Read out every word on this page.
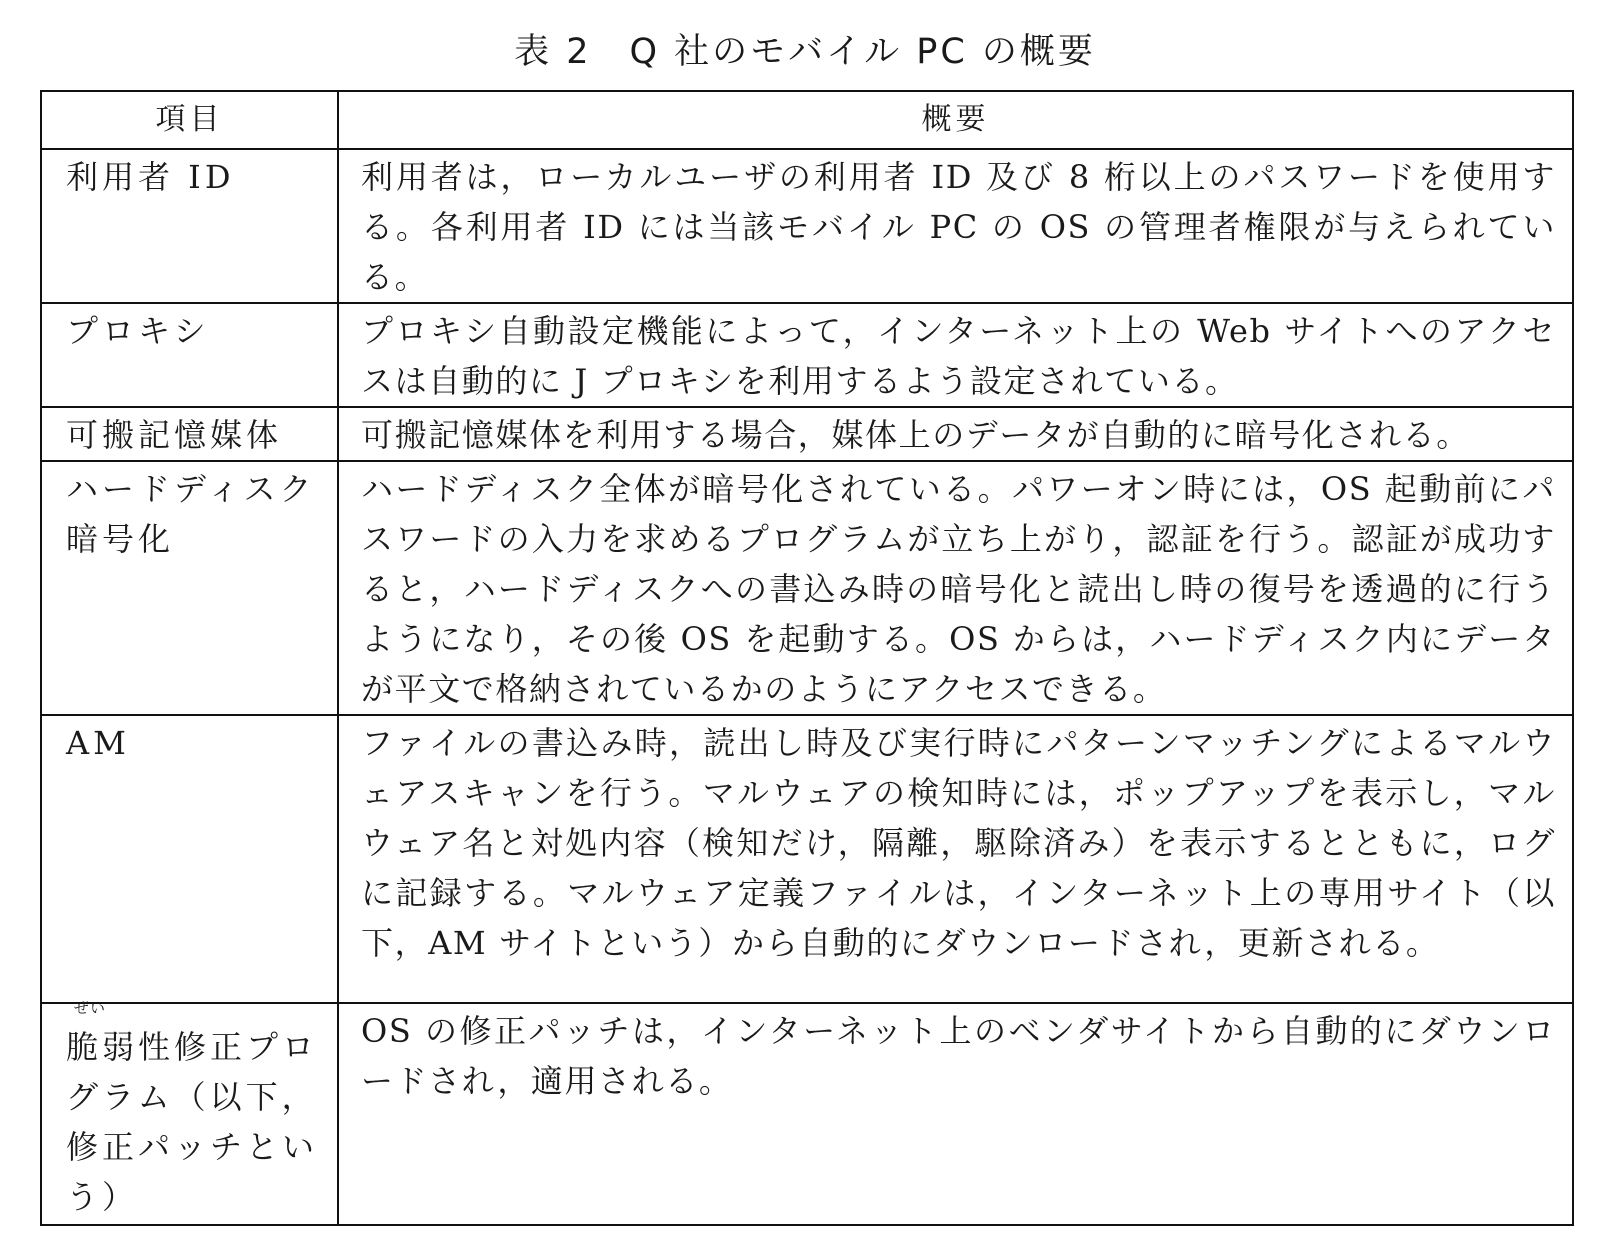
表 2　Q 社のモバイル PC の概要
項目	概要
利用者 ID	利用者は，ローカルユーザの利用者 ID 及び 8 桁以上のパスワードを使用する。各利用者 ID には当該モバイル PC の OS の管理者権限が与えられている。
プロキシ	プロキシ自動設定機能によって，インターネット上の Web サイトへのアクセスは自動的に J プロキシを利用するよう設定されている。
可搬記憶媒体	可搬記憶媒体を利用する場合，媒体上のデータが自動的に暗号化される。
ハードディスク暗号化	ハードディスク全体が暗号化されている。パワーオン時には，OS 起動前にパスワードの入力を求めるプログラムが立ち上がり，認証を行う。認証が成功すると，ハードディスクへの書込み時の暗号化と読出し時の復号を透過的に行うようになり，その後 OS を起動する。OS からは，ハードディスク内にデータが平文で格納されているかのようにアクセスできる。
AM	ファイルの書込み時，読出し時及び実行時にパターンマッチングによるマルウェアスキャンを行う。マルウェアの検知時には，ポップアップを表示し，マルウェア名と対処内容（検知だけ，隔離，駆除済み）を表示するとともに，ログに記録する。マルウェア定義ファイルは，インターネット上の専用サイト（以下，AM サイトという）から自動的にダウンロードされ，更新される。

ぜい
脆弱性修正プログラム（以下，修正パッチという）	OS の修正パッチは，インターネット上のベンダサイトから自動的にダウンロードされ，適用される。
